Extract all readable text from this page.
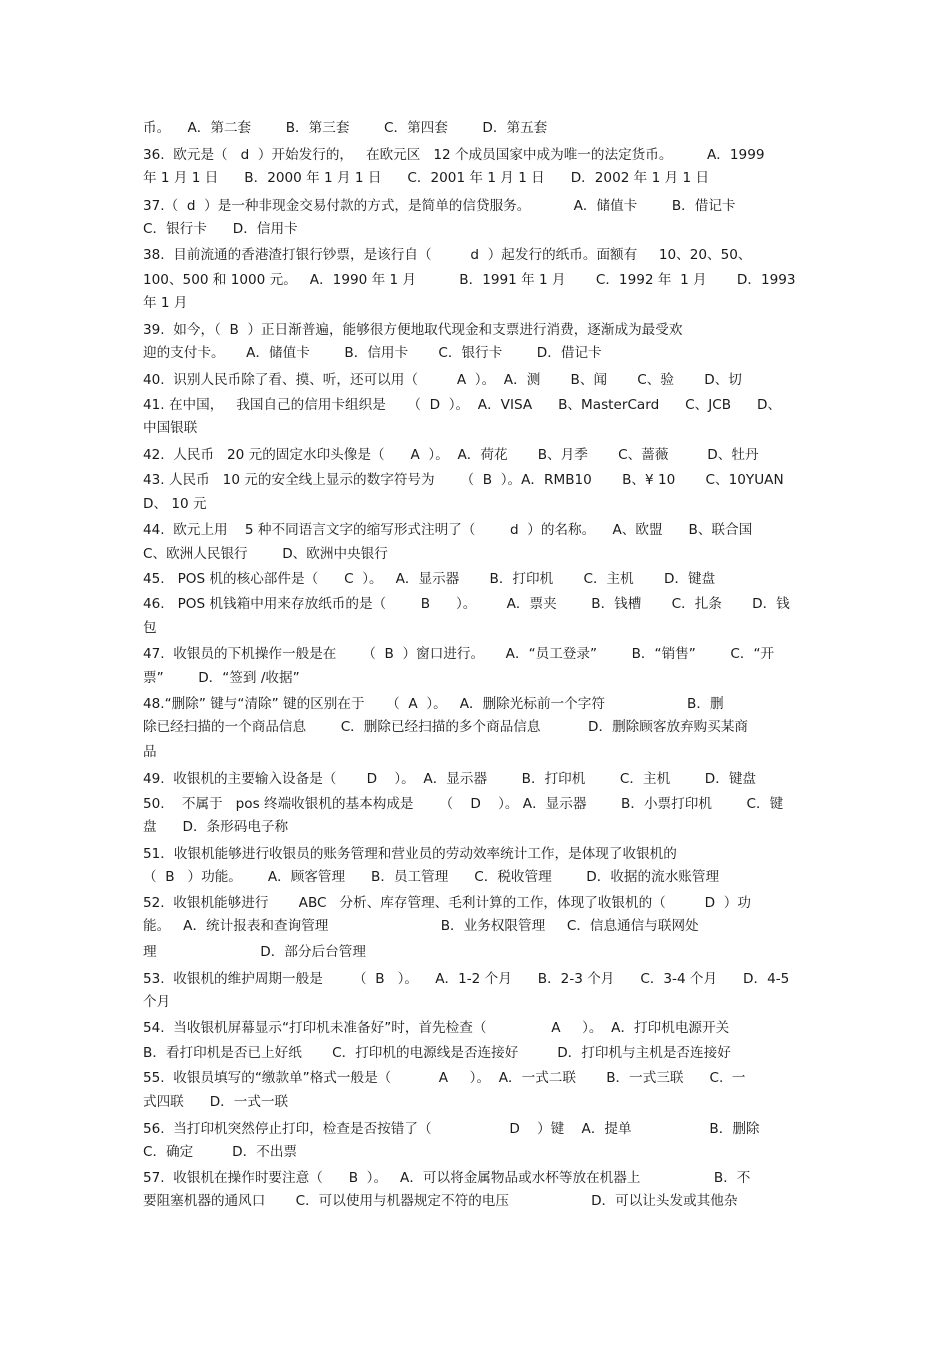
币。    A．第二套        B．第三套        C．第四套        D．第五套
36.  欧元是（   d  ）开始发行的，   在欧元区   12 个成员国家中成为唯一的法定货币。        A．1999
年 1 月 1 日      B．2000 年 1 月 1 日      C．2001 年 1 月 1 日      D．2002 年 1 月 1 日
37.（  d  ）是一种非现金交易付款的方式，是简单的信贷服务。          A．储值卡        B．借记卡
C．银行卡      D．信用卡
38.  目前流通的香港渣打银行钞票，是该行自（         d  ）起发行的纸币。面额有     10、20、50、
100、500 和 1000 元。   A．1990 年 1 月          B．1991 年 1 月       C．1992 年  1 月       D．1993
年 1 月
39.  如今，（  B  ）正日渐普遍，能够很方便地取代现金和支票进行消费，逐渐成为最受欢
迎的支付卡。     A．储值卡        B．信用卡       C．银行卡        D．借记卡
40.  识别人民币除了看、摸、听，还可以用（         A  ）。  A．测       B、闻       C、验       D、切
41. 在中国，   我国自己的信用卡组织是     （  D  ）。  A．VISA      B、MasterCard      C、JCB      D、
中国银联
42.  人民币   20 元的固定水印头像是（      A  ）。  A．荷花       B、月季       C、蔷薇         D、牡丹
43. 人民币   10 元的安全线上显示的数字符号为      （  B  ）。A．RMB10       B、¥ 10       C、10YUAN
D、 10 元
44.  欧元上用    5 种不同语言文字的缩写形式注明了（        d  ）的名称。    A、欧盟      B、联合国
C、欧洲人民银行        D、欧洲中央银行
45.   POS 机的核心部件是（      C  ）。   A．显示器       B．打印机       C．主机       D．键盘
46.   POS 机钱箱中用来存放纸币的是（        B      ）。       A．票夹        B．钱槽       C．扎条       D．钱
包
47.  收银员的下机操作一般是在      （  B  ）窗口进行。     A．“员工登录”        B．“销售”        C．“开
票”        D．“签到 /收据”
48.“删除” 键与“清除” 键的区别在于     （  A  ）。   A．删除光标前一个字符                   B．删
除已经扫描的一个商品信息        C．删除已经扫描的多个商品信息           D．删除顾客放弃购买某商
品
49.  收银机的主要输入设备是（       D    ）。  A．显示器        B．打印机        C．主机        D．键盘
50.    不属于   pos 终端收银机的基本构成是      （    D    ）。 A．显示器        B．小票打印机        C．键
盘      D．条形码电子称
51．收银机能够进行收银员的账务管理和营业员的劳动效率统计工作，是体现了收银机的
（  B   ）功能。      A．顾客管理      B．员工管理      C．税收管理        D．收据的流水账管理
52.  收银机能够进行       ABC   分析、库存管理、毛利计算的工作，体现了收银机的（         D  ）功
能。   A．统计报表和查询管理                          B．业务权限管理     C．信息通信与联网处
理                        D．部分后台管理
53.  收银机的维护周期一般是       （  B   ）。    A．1-2 个月      B．2-3 个月      C．3-4 个月      D．4-5
个月
54.  当收银机屏幕显示“打印机未准备好”时，首先检查（               A     ）。  A．打印机电源开关
B．看打印机是否已上好纸       C．打印机的电源线是否连接好         D．打印机与主机是否连接好
55.  收银员填写的“缴款单”格式一般是（           A     ）。  A．一式二联       B．一式三联      C.  一
式四联      D．一式一联
56.  当打印机突然停止打印，检查是否按错了（                  D    ）键    A．提单                  B．删除
C．确定         D．不出票
57.  收银机在操作时要注意（      B  ）。   A．可以将金属物品或水杯等放在机器上                 B．不
要阻塞机器的通风口       C．可以使用与机器规定不符的电压                   D．可以让头发或其他杂
